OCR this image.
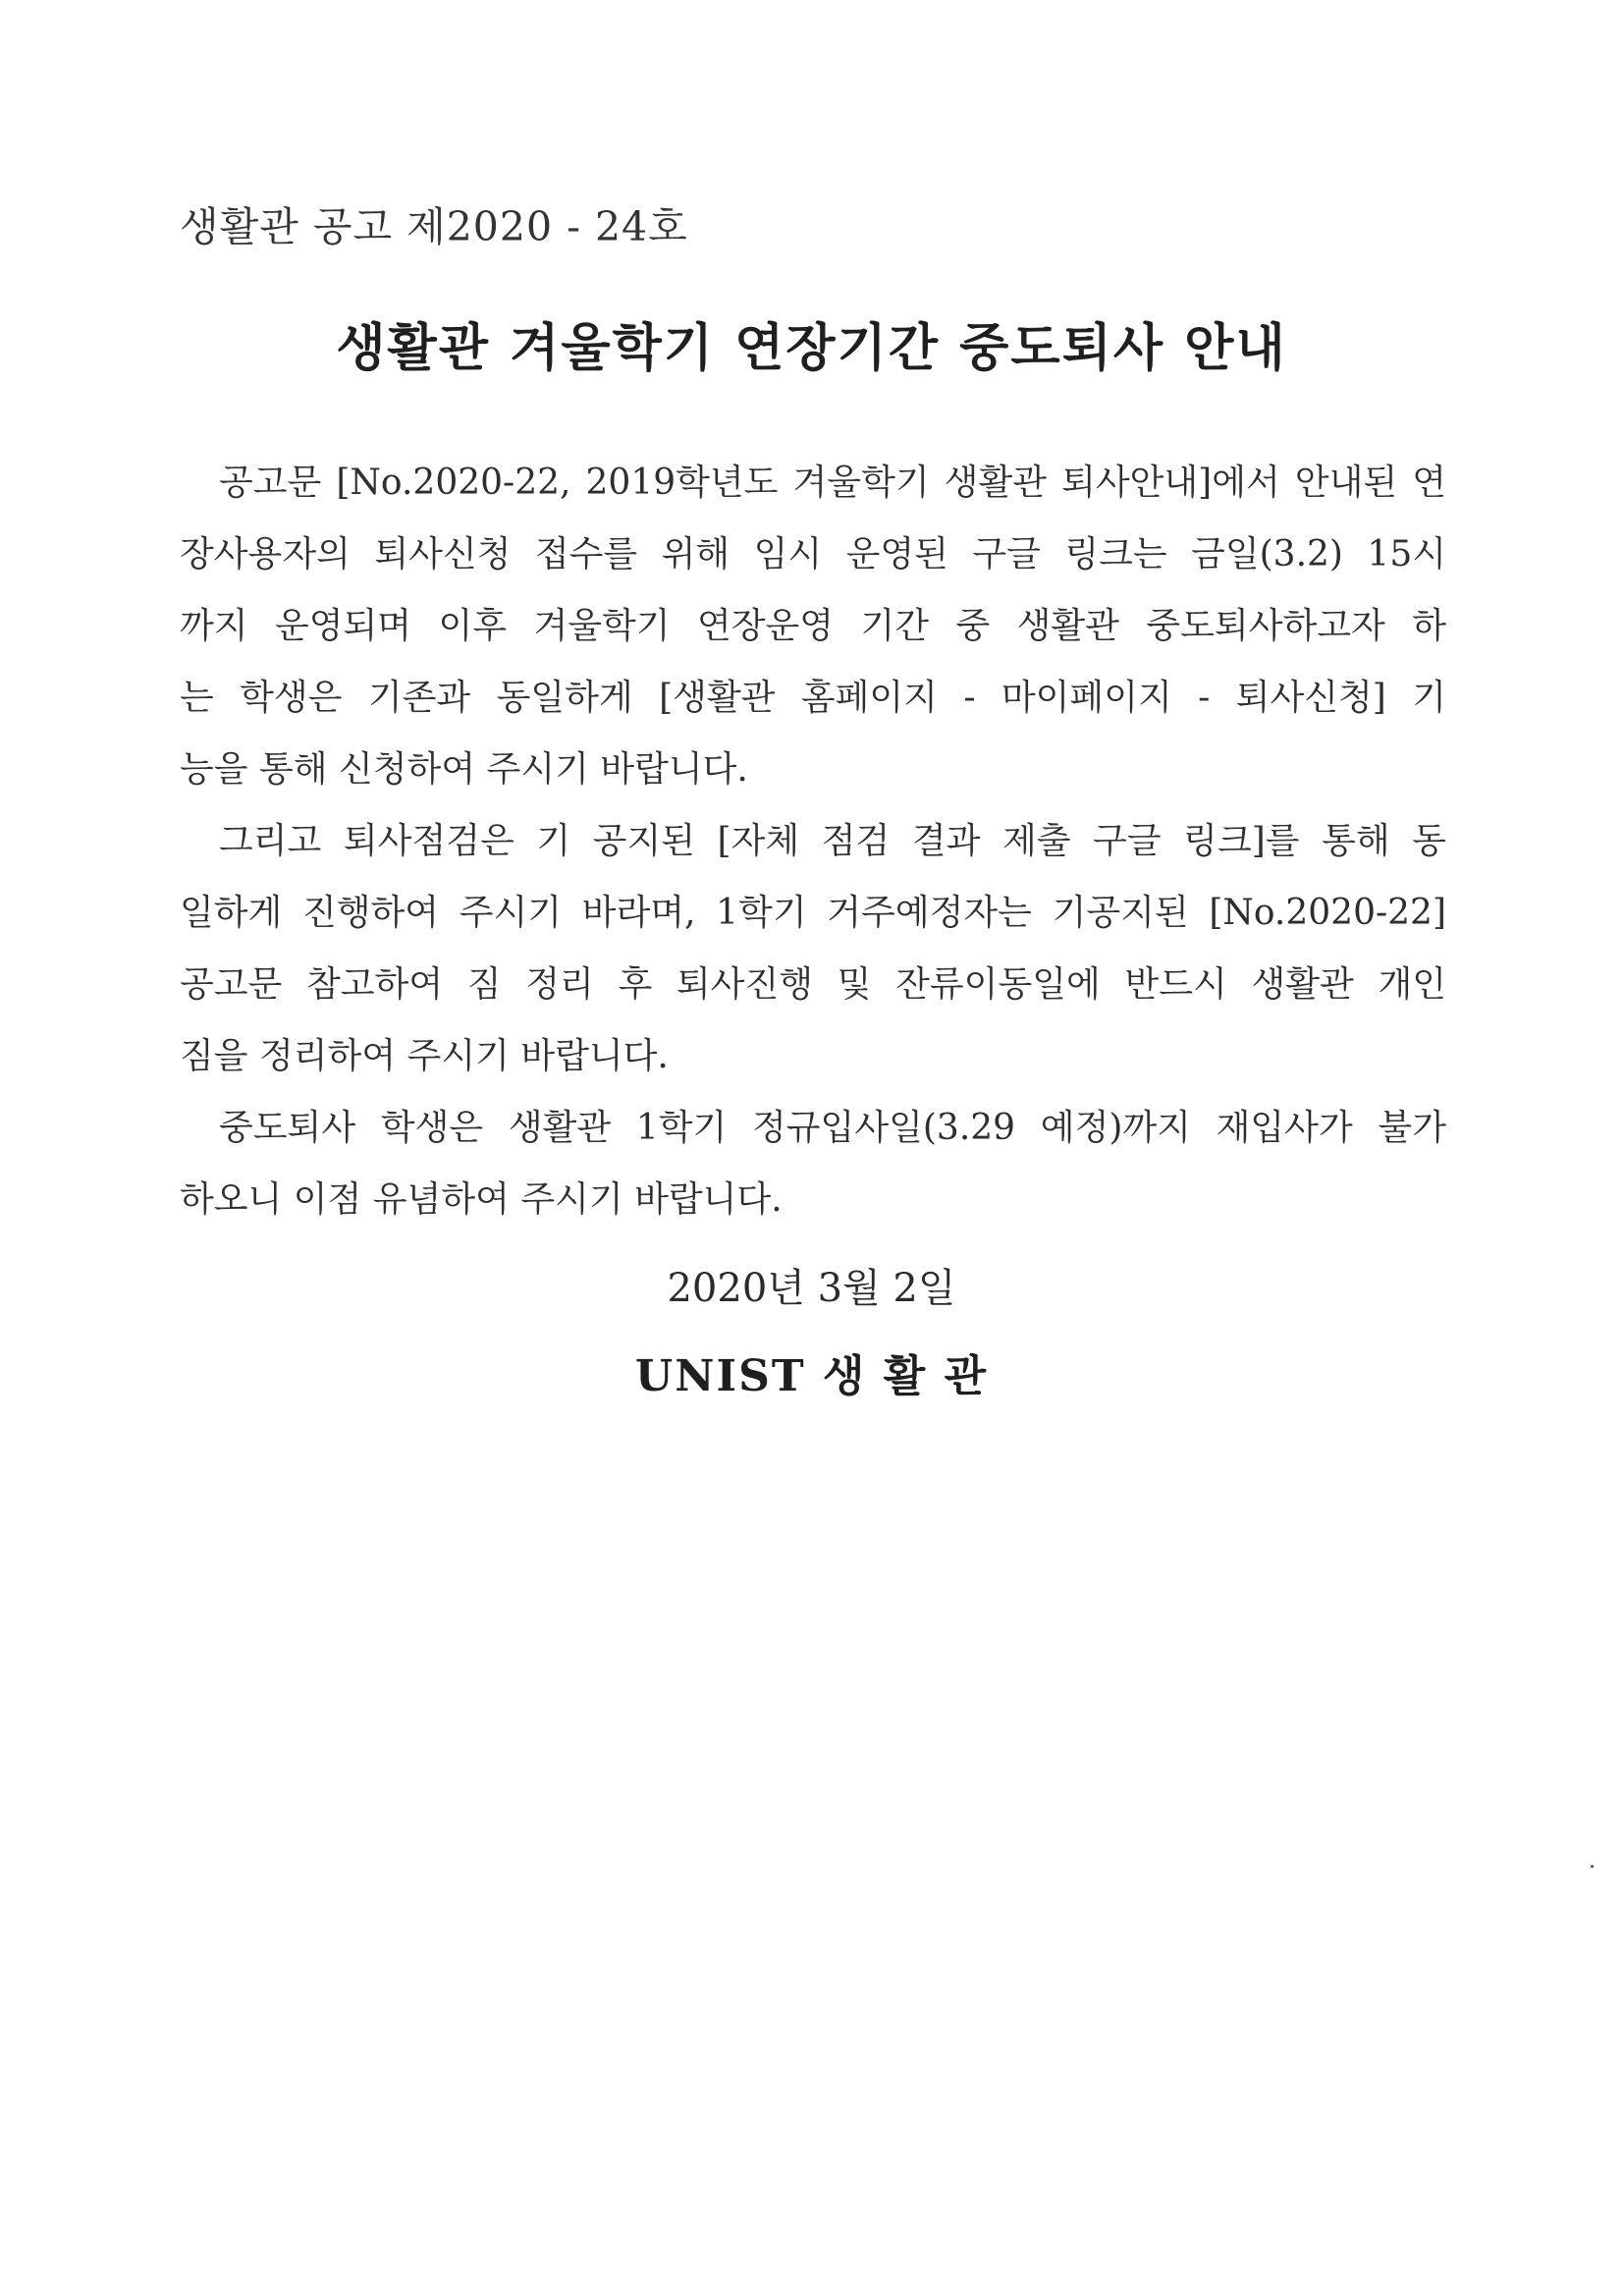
생활관 공고 제2020 - 24호
생활관 겨울학기 연장기간 중도퇴사 안내
공고문 [No.2020-22, 2019학년도 겨울학기 생활관 퇴사안내]에서 안내된 연
장사용자의 퇴사신청 접수를 위해 임시 운영된 구글 링크는 금일(3.2) 15시
까지 운영되며 이후 겨울학기 연장운영 기간 중 생활관 중도퇴사하고자 하
는 학생은 기존과 동일하게 [생활관 홈페이지 - 마이페이지 - 퇴사신청] 기
능을 통해 신청하여 주시기 바랍니다.
그리고 퇴사점검은 기 공지된 [자체 점검 결과 제출 구글 링크]를 통해 동
일하게 진행하여 주시기 바라며, 1학기 거주예정자는 기공지된 [No.2020-22]
공고문 참고하여 짐 정리 후 퇴사진행 및 잔류이동일에 반드시 생활관 개인
짐을 정리하여 주시기 바랍니다.
중도퇴사 학생은 생활관 1학기 정규입사일(3.29 예정)까지 재입사가 불가
하오니 이점 유념하여 주시기 바랍니다.
2020년 3월 2일
UNIST 생 활 관
